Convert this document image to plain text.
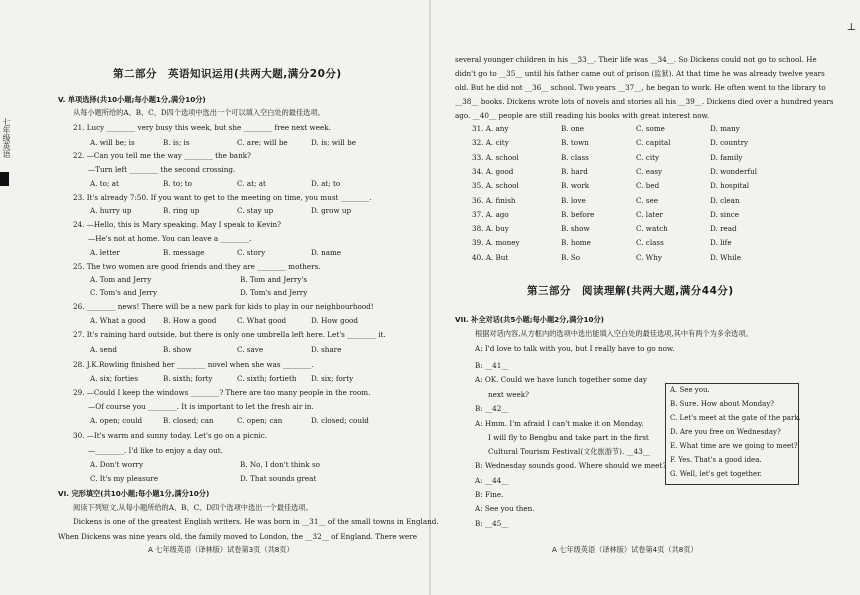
七年级英语
⊥
第二部分　英语知识运用(共两大题,满分20分)
V. 单项选择(共10小题;每小题1分,满分10分)
从每小题所给的A、B、C、D四个选项中选出一个可以填入空白处的最佳选项。
21. Lucy ________ very busy this week, but she ________ free next week.
A. will be; is	B. is; is	C. are; will be	D. is; will be
22. —Can you tell me the way ________ the bank?
—Turn left ________ the second crossing.
A. to; at	B. to; to	C. at; at	D. at; to
23. It's already 7:50. If you want to get to the meeting on time, you must ________.
A. hurry up	B. ring up	C. stay up	D. grow up
24. —Hello, this is Mary speaking. May I speak to Kevin?
—He's not at home. You can leave a ________.
A. letter	B. message	C. story	D. name
25. The two women are good friends and they are ________ mothers.
A. Tom and Jerry	B. Tom and Jerry's
C. Tom's and Jerry	D. Tom's and Jerry
26. ________ news! There will be a new park for kids to play in our neighbourhood!
A. What a good B. How a good	C. What good	D. How good
27. It's raining hard outside, but there is only one umbrella left here. Let's ________ it.
A. send	B. show	C. save	D. share
28. J.K.Rowling finished her ________ novel when she was ________.
A. six; forties	B. sixth; forty	C. sixth; fortieth D. six; forty
29. —Could I keep the windows ________? There are too many people in the room.
—Of course you ________. It is important to let the fresh air in.
A. open; could	B. closed; can	C. open; can	D. closed; could
30. —It's warm and sunny today. Let's go on a picnic.
—________. I'd like to enjoy a day out.
A. Don't worry	B. No, I don't think so
C. It's my pleasure	D. That sounds great
VI. 完形填空(共10小题;每小题1分,满分10分)
阅读下列短文,从每小题所给的A、B、C、D四个选项中选出一个最佳选项。
Dickens is one of the greatest English writers. He was born in __31__ of the small towns in England.
When Dickens was nine years old, the family moved to London, the __32__ of England. There were
A 七年级英语（译林版）试卷第3页（共8页）
several younger children in his __33__. Their life was __34__. So Dickens could not go to school. He
didn't go to __35__ until his father came out of prison (监狱). At that time he was already twelve years
old. But he did not __36__ school. Two years __37__, he began to work. He often went to the library to
__38__ books. Dickens wrote lots of novels and stories all his __39__. Dickens died over a hundred years
ago. __40__ people are still reading his books with great interest now.
31. A. any	B. one	C. some	D. many
32. A. city	B. town	C. capital	D. country
33. A. school	B. class	C. city	D. family
34. A. good	B. hard	C. easy	D. wonderful
35. A. school	B. work	C. bed	D. hospital
36. A. finish	B. love	C. see	D. clean
37. A. ago	B. before	C. later	D. since
38. A. buy	B. show	C. watch	D. read
39. A. money	B. home	C. class	D. life
40. A. But	B. So	C. Why	D. While
第三部分　阅读理解(共两大题,满分44分)
VII. 补全对话(共5小题;每小题2分,满分10分)
根据对话内容,从方框内的选项中选出能填入空白处的最佳选项,其中有两个为多余选项。
A: I'd love to talk with you, but I really have to go now.
B: __41__
A: OK. Could we have lunch together some day
next week?
B: __42__
A: Hmm. I'm afraid I can't make it on Monday.
I will fly to Bengbu and take part in the first
Cultural Tourism Festival(文化旅游节). __43__
B: Wednesday sounds good. Where should we meet?
A: __44__
B: Fine.
A: See you then.
B: __45__
A. See you.
B. Sure. How about Monday?
C. Let's meet at the gate of the park.
D. Are you free on Wednesday?
E. What time are we going to meet?
F. Yes. That's a good idea.
G. Well, let's get together.
A 七年级英语（译林版）试卷第4页（共8页）
